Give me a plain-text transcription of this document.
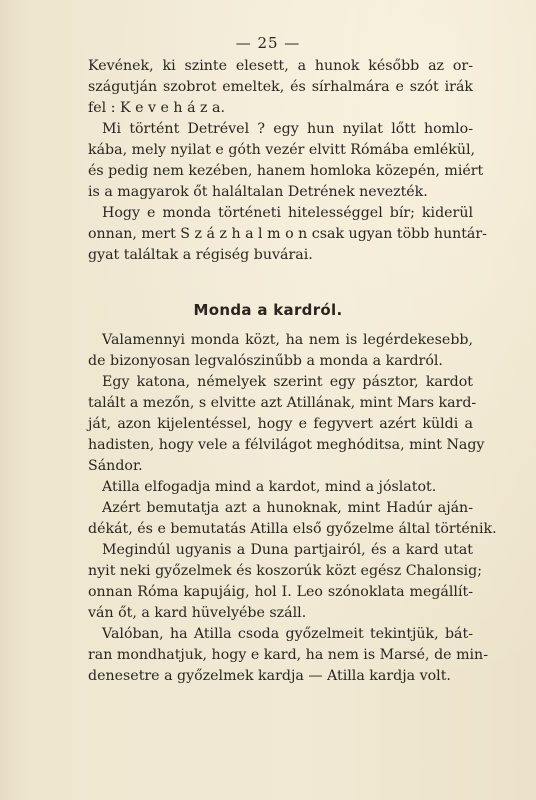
— 25 —
Kevének, ki szinte elesett, a hunok később az or-
szágutján szobrot emeltek, és sírhalmára e szót irák
fel : K e v e h á z a.
Mi történt Detrével ? egy hun nyilat lőtt homlo-
kába, mely nyilat e góth vezér elvitt Rómába emlékül,
és pedig nem kezében, hanem homloka közepén, miért
is a magyarok őt haláltalan Detrének nevezték.
Hogy e monda történeti hitelességgel bír; kiderül
onnan, mert S z á z h a l m o n csak ugyan több huntár-
gyat találtak a régiség buvárai.
Monda a kardról.
Valamennyi monda közt, ha nem is legérdekesebb,
de bizonyosan legvalószinűbb a monda a kardról.
Egy katona, némelyek szerint egy pásztor, kardot
talált a mezőn, s elvitte azt Atillának, mint Mars kard-
ját, azon kijelentéssel, hogy e fegyvert azért küldi a
hadisten, hogy vele a félvilágot meghóditsa, mint Nagy
Sándor.
Atilla elfogadja mind a kardot, mind a jóslatot.
Azért bemutatja azt a hunoknak, mint Hadúr aján-
dékát, és e bemutatás Atilla első győzelme által történik.
Megindúl ugyanis a Duna partjairól, és a kard utat
nyit neki győzelmek és koszorúk közt egész Chalonsig;
onnan Róma kapujáig, hol I. Leo szónoklata megállít-
ván őt, a kard hüvelyébe száll.
Valóban, ha Atilla csoda győzelmeit tekintjük, bát-
ran mondhatjuk, hogy e kard, ha nem is Marsé, de min-
denesetre a győzelmek kardja — Atilla kardja volt.
